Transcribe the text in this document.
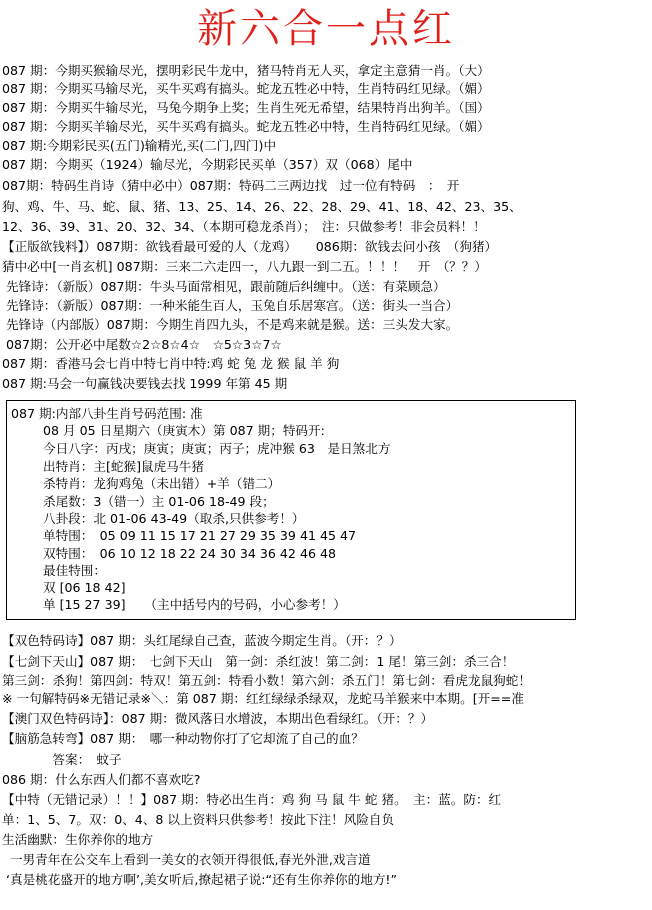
新六合一点红
087 期：今期买猴输尽光，摆明彩民牛龙中，猪马特肖无人买，拿定主意猜一肖。（大）
087 期：今期买马输尽光，买牛买鸡有搞头。蛇龙五牲必中特，生肖特码红见绿。（媚）
087 期：今期买牛输尽光，马兔今期争上奖；生肖生死无希望，结果特肖出狗羊。（国）
087 期：今期买羊输尽光，买牛买鸡有搞头。蛇龙五牲必中特，生肖特码红见绿。（媚）
087 期:今期彩民买(五门)输精光,买(二门,四门)中
087 期：今期买（1924）输尽光，今期彩民买单（357）双（068）尾中
087期：特码生肖诗（猜中必中）087期：特码二三两边找　过一位有特码　：　开
狗、鸡、牛、马、蛇、鼠、猪、13、25、14、26、22、28、29、41、18、42、23、35、
12、36、39、31、20、32、34、（本期可稳龙杀肖）；　注：只做参考！非会员料！！
【正版欲钱料】）087期：欲钱看最可爱的人（龙鸡）　　086期：欲钱去问小孩　（狗猪）
猜中必中[一肖玄机] 087期：三来二六走四一，八九跟一到二五。！！！　开　（？？）
先锋诗：（新版）087期：牛头马面常相见，跟前随后纠缠中。（送：有菜顾急）
先锋诗：（新版）087期：一种米能生百人，玉兔自乐居寒宫。（送：街头一当合）
先锋诗（内部版）087期：今期生肖四九头，不是鸡来就是猴。送：三头发大家。
087期：公开必中尾数☆2☆8☆4☆　☆5☆3☆7☆
087 期：香港马会七肖中特七肖中特:鸡 蛇 兔 龙 猴 鼠 羊 狗
087 期:马会一句赢钱决要钱去找 1999 年第 45 期
087 期:内部八卦生肖号码范围: 准
08 月 05 日星期六（庚寅木）第 087 期；特码开:
今日八字：丙戌；庚寅；庚寅；丙子；虎冲猴 63　是日煞北方
出特肖：主[蛇猴]鼠虎马牛猪
杀特肖：龙狗鸡兔（未出错）+羊（错二）
杀尾数：3（错一）主 01-06 18-49 段；
八卦段：北 01-06 43-49（取杀,只供参考！）
单特围：　05 09 11 15 17 21 27 29 35 39 41 45 47
双特围：　06 10 12 18 22 24 30 34 36 42 46 48
最佳特围：
双 [06 18 42]
单 [15 27 39]　　（主中括号内的号码，小心参考！）
【双色特码诗】087 期：头红尾绿自己查，蓝波今期定生肖。（开：？）
【七剑下天山】087 期：　七剑下天山　第一剑：杀红波！第二剑：1 尾！第三剑：杀三合！
第三剑：杀狗！第四剑：特双！第五剑：特看小数！第六剑：杀五门！第七剑：看虎龙鼠狗蛇！
※ 一句解特码※无错记录※＼：第 087 期：红红绿绿杀绿双，龙蛇马羊猴来中本期。[开==准
【澳门双色特码诗】：087 期：微风落日水增波，本期出色看绿红。（开：？）
【脑筋急转弯】087 期：　哪一种动物你打了它却流了自己的血？
　　　　答案：　蚊子
086 期：什么东西人们都不喜欢吃?
【中特（无错记录）！！】087 期：特必出生肖：鸡 狗 马 鼠 牛 蛇 猪。　主：蓝。防：红
单：1、5、7。双：0、4、8 以上资料只供参考！按此下注！风险自负
生活幽默：生你养你的地方
一男青年在公交车上看到一美女的衣领开得很低,春光外泄,戏言道
‘真是桃花盛开的地方啊’,美女听后,撩起裙子说:“还有生你养你的地方!”
